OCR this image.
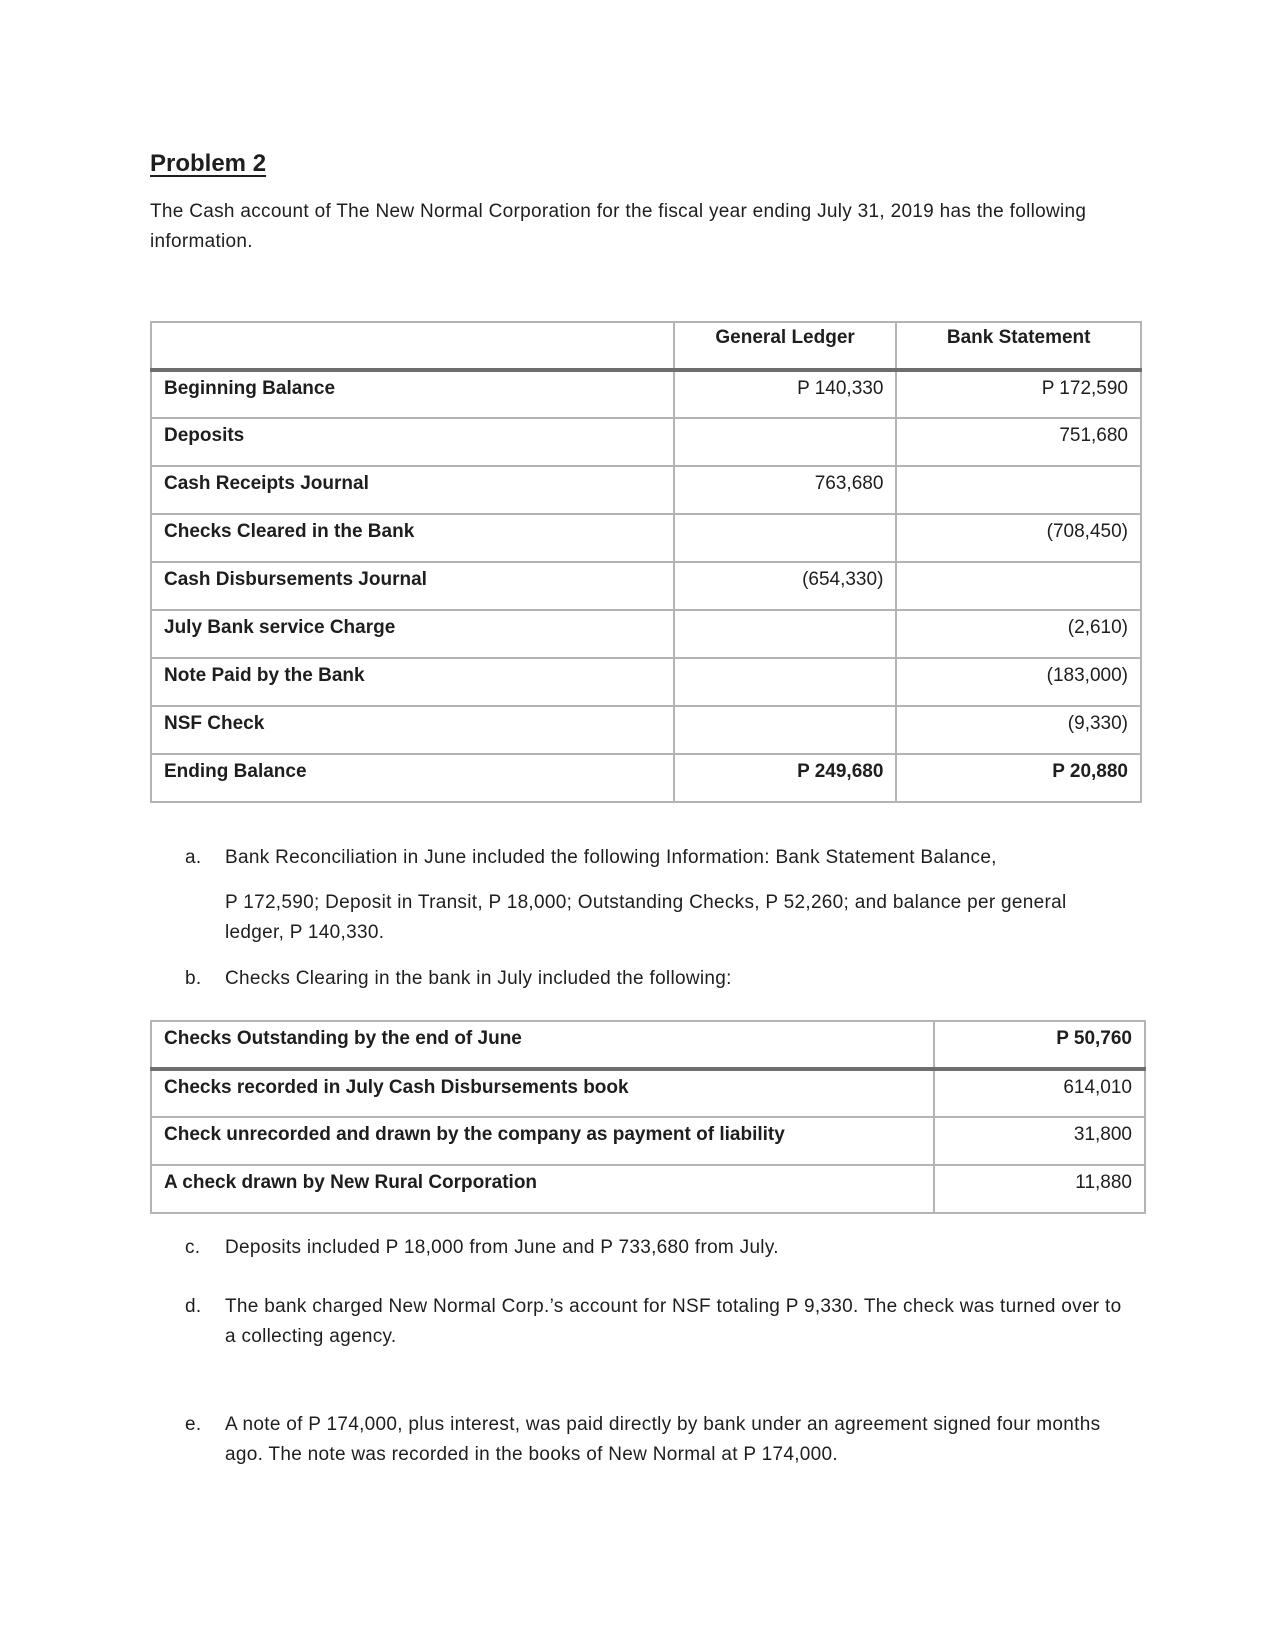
Problem 2

The Cash account of The New Normal Corporation for the fiscal year ending July 31, 2019 has the following information.

	General Ledger	Bank Statement
Beginning Balance	P 140,330	P 172,590
Deposits		751,680
Cash Receipts Journal	763,680	
Checks Cleared in the Bank		(708,450)
Cash Disbursements Journal	(654,330)	
July Bank service Charge		(2,610)
Note Paid by the Bank		(183,000)
NSF Check		(9,330)
Ending Balance	P 249,680	P 20,880
a.	Bank Reconciliation in June included the following Information: Bank Statement Balance,
P 172,590; Deposit in Transit, P 18,000; Outstanding Checks, P 52,260; and balance per general ledger, P 140,330.
b.	Checks Clearing in the bank in July included the following:
Checks Outstanding by the end of June	P 50,760
Checks recorded in July Cash Disbursements book	614,010
Check unrecorded and drawn by the company as payment of liability	31,800
A check drawn by New Rural Corporation	11,880
c.	Deposits included P 18,000 from June and P 733,680 from July.
d.	The bank charged New Normal Corp.’s account for NSF totaling P 9,330. The check was turned over to a collecting agency.
e.	A note of P 174,000, plus interest, was paid directly by bank under an agreement signed four months ago. The note was recorded in the books of New Normal at P 174,000.
